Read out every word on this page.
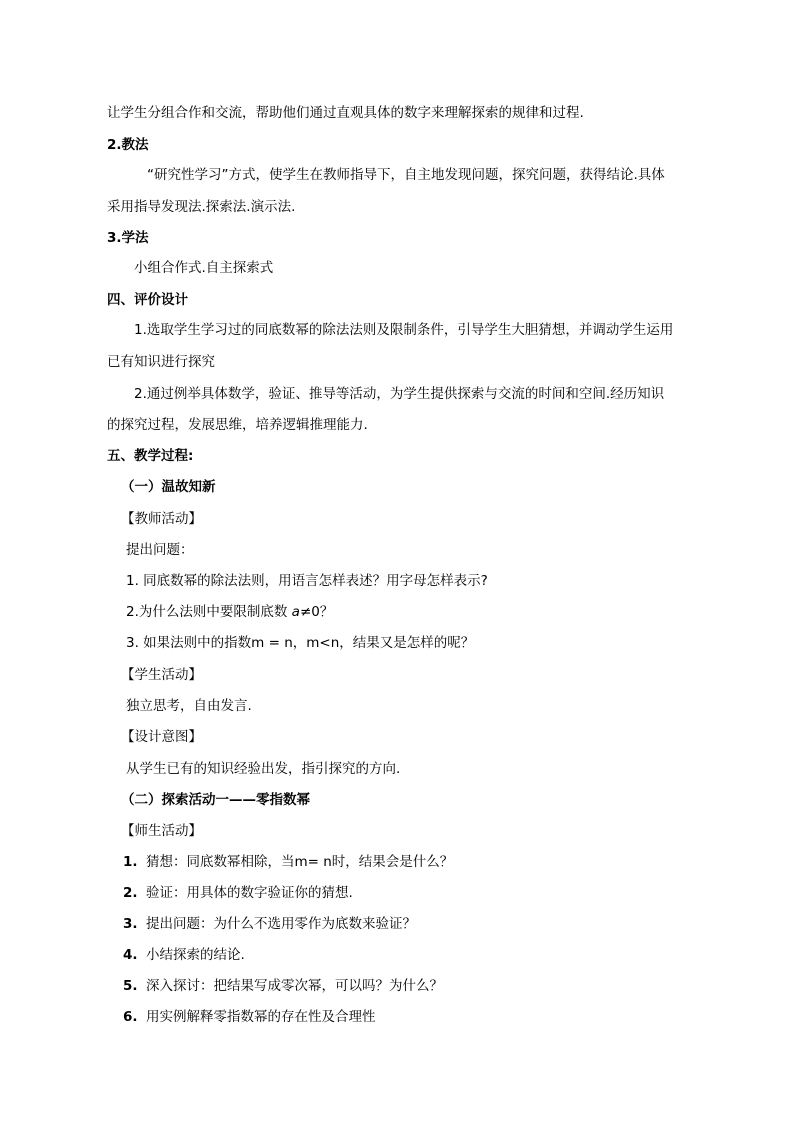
让学生分组合作和交流，帮助他们通过直观具体的数字来理解探索的规律和过程.
2.教法
“研究性学习”方式，使学生在教师指导下，自主地发现问题，探究问题，获得结论.具体
采用指导发现法.探索法.演示法.
3.学法
小组合作式.自主探索式
四、评价设计
1.选取学生学习过的同底数幂的除法法则及限制条件，引导学生大胆猜想，并调动学生运用
已有知识进行探究
2.通过例举具体数学，验证、推导等活动，为学生提供探索与交流的时间和空间.经历知识
的探究过程，发展思维，培养逻辑推理能力.
五、教学过程:
（一）温故知新
【教师活动】
提出问题：
1. 同底数幂的除法法则，用语言怎样表述？用字母怎样表示?
2.为什么法则中要限制底数 a≠0？
3. 如果法则中的指数m = n，m<n，结果又是怎样的呢？
【学生活动】
独立思考，自由发言.
【设计意图】
从学生已有的知识经验出发，指引探究的方向.
（二）探索活动一——零指数幂
【师生活动】
1. 猜想：同底数幂相除，当m= n时，结果会是什么？
2. 验证：用具体的数字验证你的猜想.
3. 提出问题：为什么不选用零作为底数来验证？
4. 小结探索的结论.
5. 深入探讨：把结果写成零次幂，可以吗？为什么？
6. 用实例解释零指数幂的存在性及合理性
